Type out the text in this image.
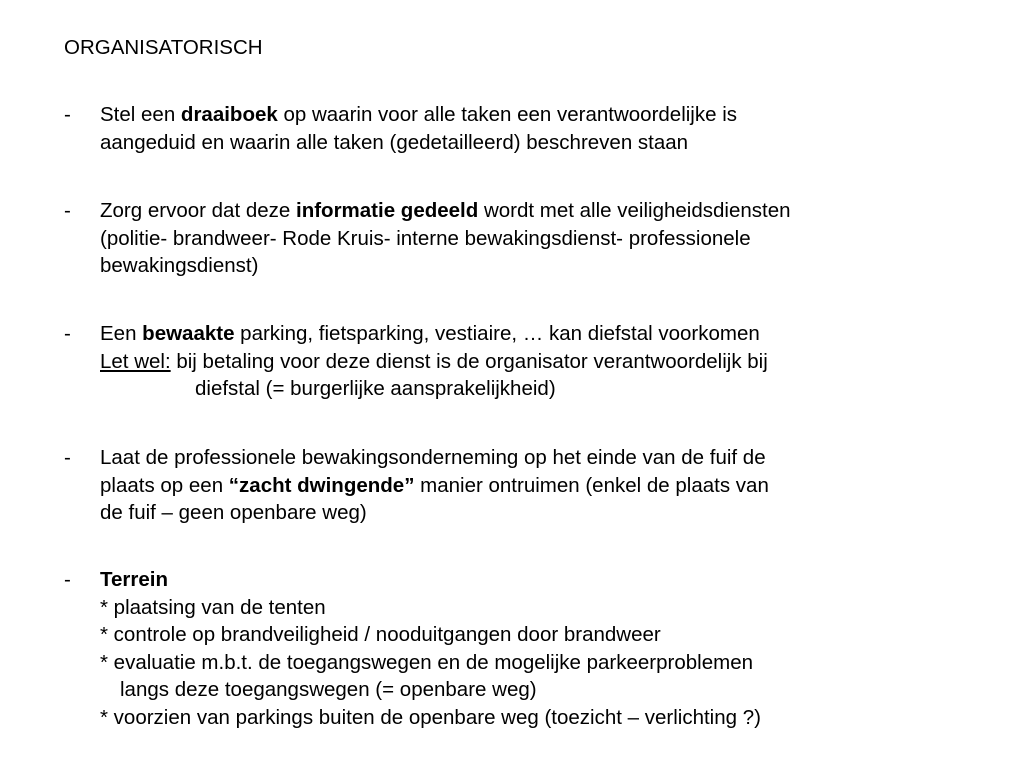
ORGANISATORISCH
- Stel een draaiboek op waarin voor alle taken een verantwoordelijke is
aangeduid en waarin alle taken (gedetailleerd) beschreven staan
- Zorg ervoor dat deze informatie gedeeld wordt met alle veiligheidsdiensten
(politie- brandweer- Rode Kruis- interne bewakingsdienst- professionele
bewakingsdienst)
- Een bewaakte parking, fietsparking, vestiaire, … kan diefstal voorkomen
Let wel: bij betaling voor deze dienst is de organisator verantwoordelijk bij
diefstal (= burgerlijke aansprakelijkheid)
- Laat de professionele bewakingsonderneming op het einde van de fuif de
plaats op een “zacht dwingende” manier ontruimen (enkel de plaats van
de fuif – geen openbare weg)
- Terrein
* plaatsing van de tenten
* controle op brandveiligheid / nooduitgangen door brandweer
* evaluatie m.b.t. de toegangswegen en de mogelijke parkeerproblemen
langs deze toegangswegen (= openbare weg)
* voorzien van parkings buiten de openbare weg (toezicht – verlichting ?)
